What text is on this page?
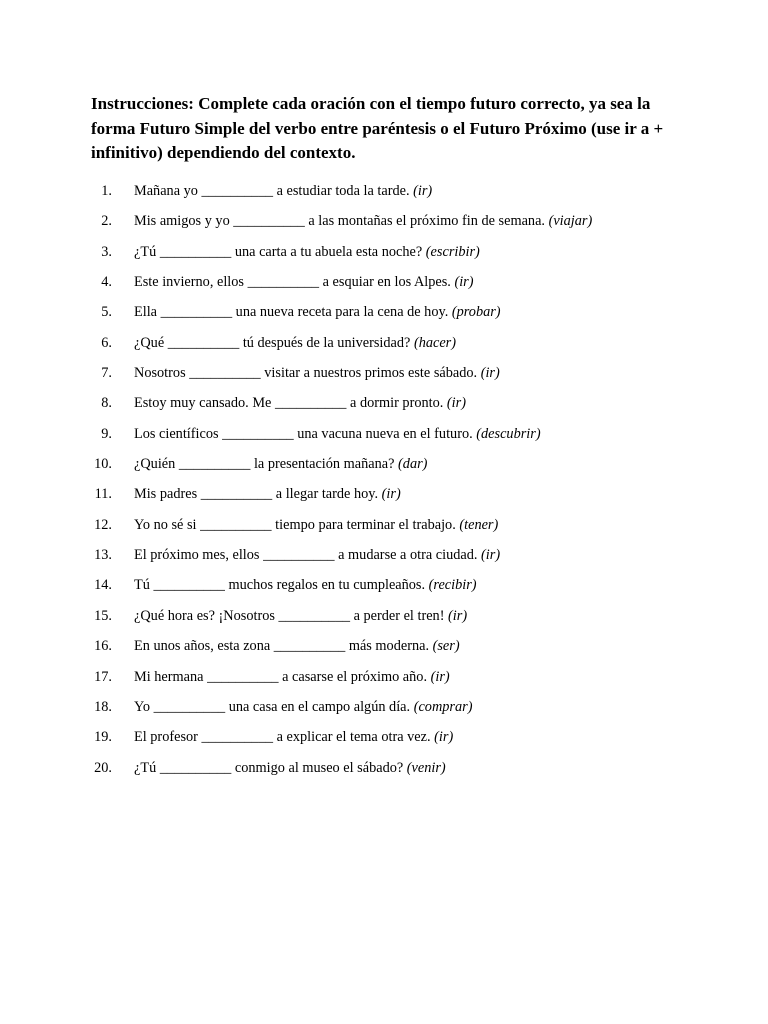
Instrucciones: Complete cada oración con el tiempo futuro correcto, ya sea la forma Futuro Simple del verbo entre paréntesis o el Futuro Próximo (use ir a + infinitivo) dependiendo del contexto.
1. Mañana yo __________ a estudiar toda la tarde. (ir)
2. Mis amigos y yo __________ a las montañas el próximo fin de semana. (viajar)
3. ¿Tú __________ una carta a tu abuela esta noche? (escribir)
4. Este invierno, ellos __________ a esquiar en los Alpes. (ir)
5. Ella __________ una nueva receta para la cena de hoy. (probar)
6. ¿Qué __________ tú después de la universidad? (hacer)
7. Nosotros __________ visitar a nuestros primos este sábado. (ir)
8. Estoy muy cansado. Me __________ a dormir pronto. (ir)
9. Los científicos __________ una vacuna nueva en el futuro. (descubrir)
10. ¿Quién __________ la presentación mañana? (dar)
11. Mis padres __________ a llegar tarde hoy. (ir)
12. Yo no sé si __________ tiempo para terminar el trabajo. (tener)
13. El próximo mes, ellos __________ a mudarse a otra ciudad. (ir)
14. Tú __________ muchos regalos en tu cumpleaños. (recibir)
15. ¿Qué hora es? ¡Nosotros __________ a perder el tren! (ir)
16. En unos años, esta zona __________ más moderna. (ser)
17. Mi hermana __________ a casarse el próximo año. (ir)
18. Yo __________ una casa en el campo algún día. (comprar)
19. El profesor __________ a explicar el tema otra vez. (ir)
20. ¿Tú __________ conmigo al museo el sábado? (venir)
